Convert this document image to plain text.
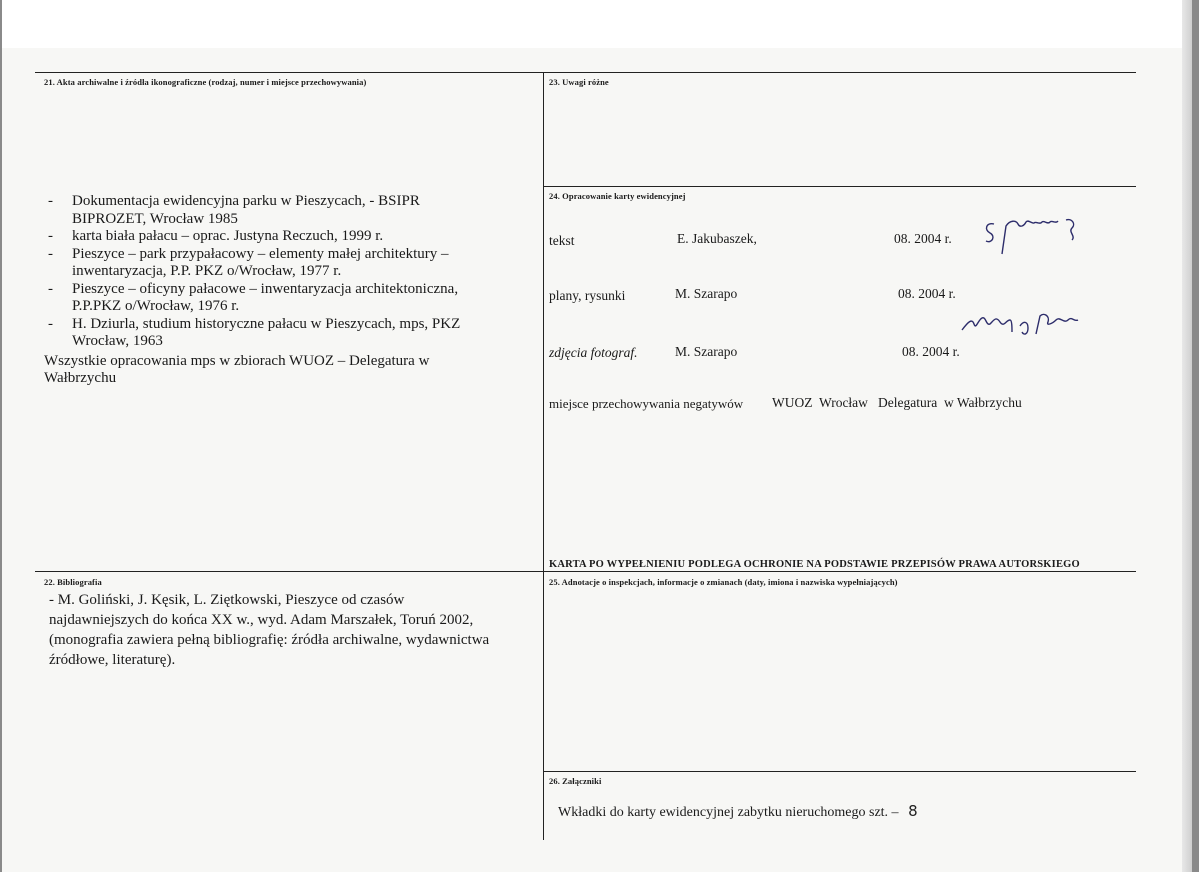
21. Akta archiwalne i źródła ikonograficzne (rodzaj, numer i miejsce przechowywania)
- Dokumentacja ewidencyjna parku w Pieszycach, - BSIPR
BIPROZET, Wrocław 1985
- karta biała pałacu – oprac. Justyna Reczuch, 1999 r.
- Pieszyce – park przypałacowy – elementy małej architektury –
inwentaryzacja, P.P. PKZ o/Wrocław, 1977 r.
- Pieszyce – oficyny pałacowe – inwentaryzacja architektoniczna,
P.P.PKZ o/Wrocław, 1976 r.
- H. Dziurla, studium historyczne pałacu w Pieszycach, mps, PKZ
Wrocław, 1963
Wszystkie opracowania mps w zbiorach WUOZ – Delegatura w
Wałbrzychu
23. Uwagi różne
24. Opracowanie karty ewidencyjnej
tekst	E. Jakubaszek,	08. 2004 r.
plany, rysunki	M. Szarapo	08. 2004 r.
zdjęcia fotograf.	M. Szarapo	08. 2004 r.
miejsce przechowywania negatywów WUOZ  Wrocław   Delegatura  w Wałbrzychu
KARTA PO WYPEŁNIENIU PODLEGA OCHRONIE NA PODSTAWIE PRZEPISÓW PRAWA AUTORSKIEGO
22. Bibliografia
- M. Goliński, J. Kęsik, L. Ziętkowski, Pieszyce od czasów
najdawniejszych do końca XX w., wyd. Adam Marszałek, Toruń 2002,
(monografia zawiera pełną bibliografię: źródła archiwalne, wydawnictwa
źródłowe, literaturę).
25. Adnotacje o inspekcjach, informacje o zmianach (daty, imiona i nazwiska wypełniających)
26. Załączniki
Wkładki do karty ewidencyjnej zabytku nieruchomego szt. – 8
